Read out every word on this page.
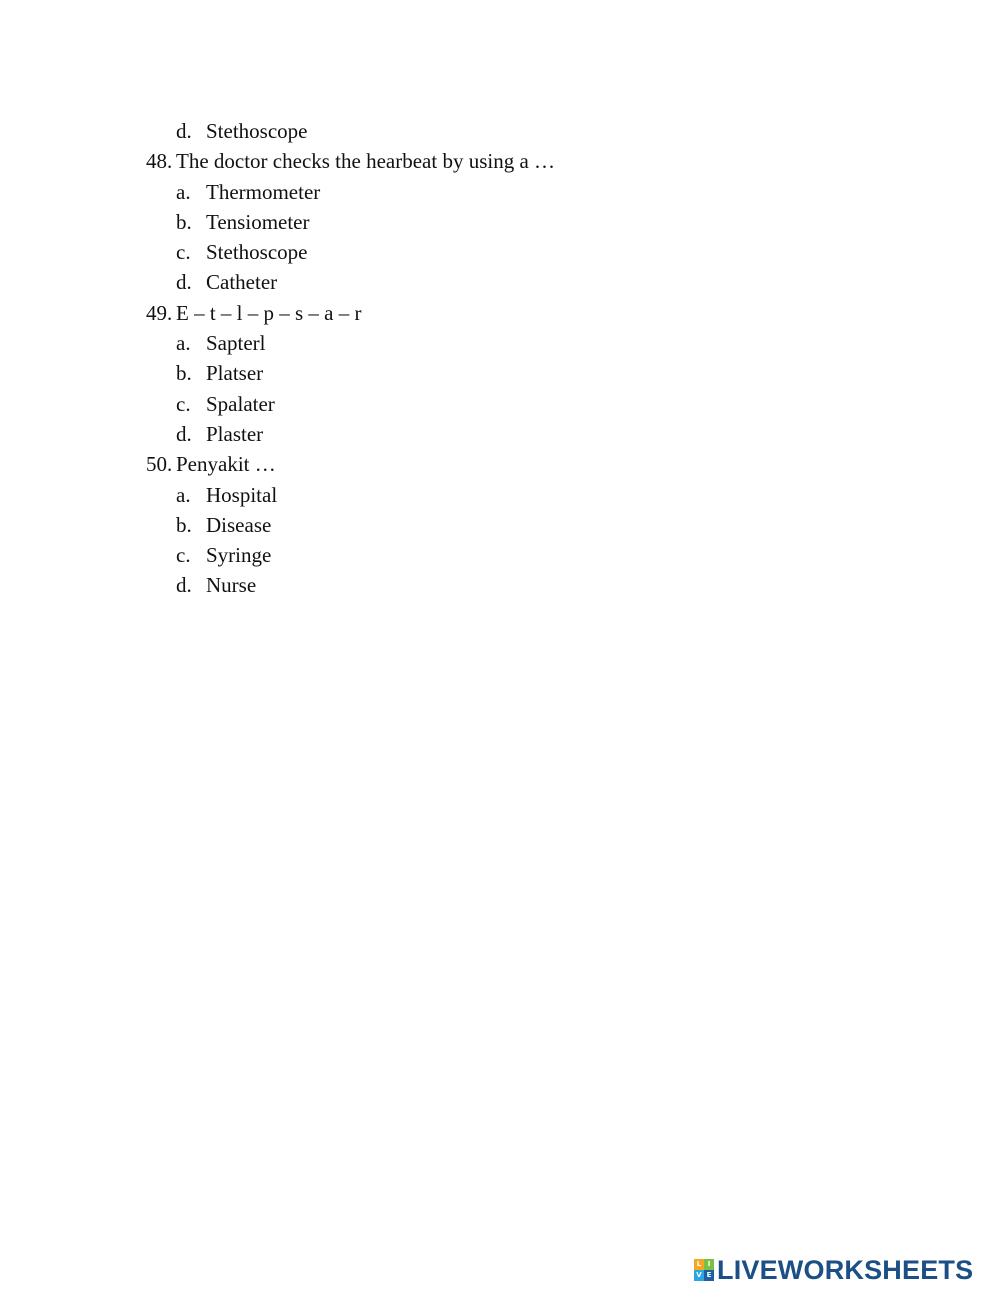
d. Stethoscope
48. The doctor checks the hearbeat by using a …
a. Thermometer
b. Tensiometer
c. Stethoscope
d. Catheter
49. E – t – l – p – s – a – r
a. Sapterl
b. Platser
c. Spalater
d. Plaster
50. Penyakit …
a. Hospital
b. Disease
c. Syringe
d. Nurse
L I
V E LIVEWORKSHEETS
